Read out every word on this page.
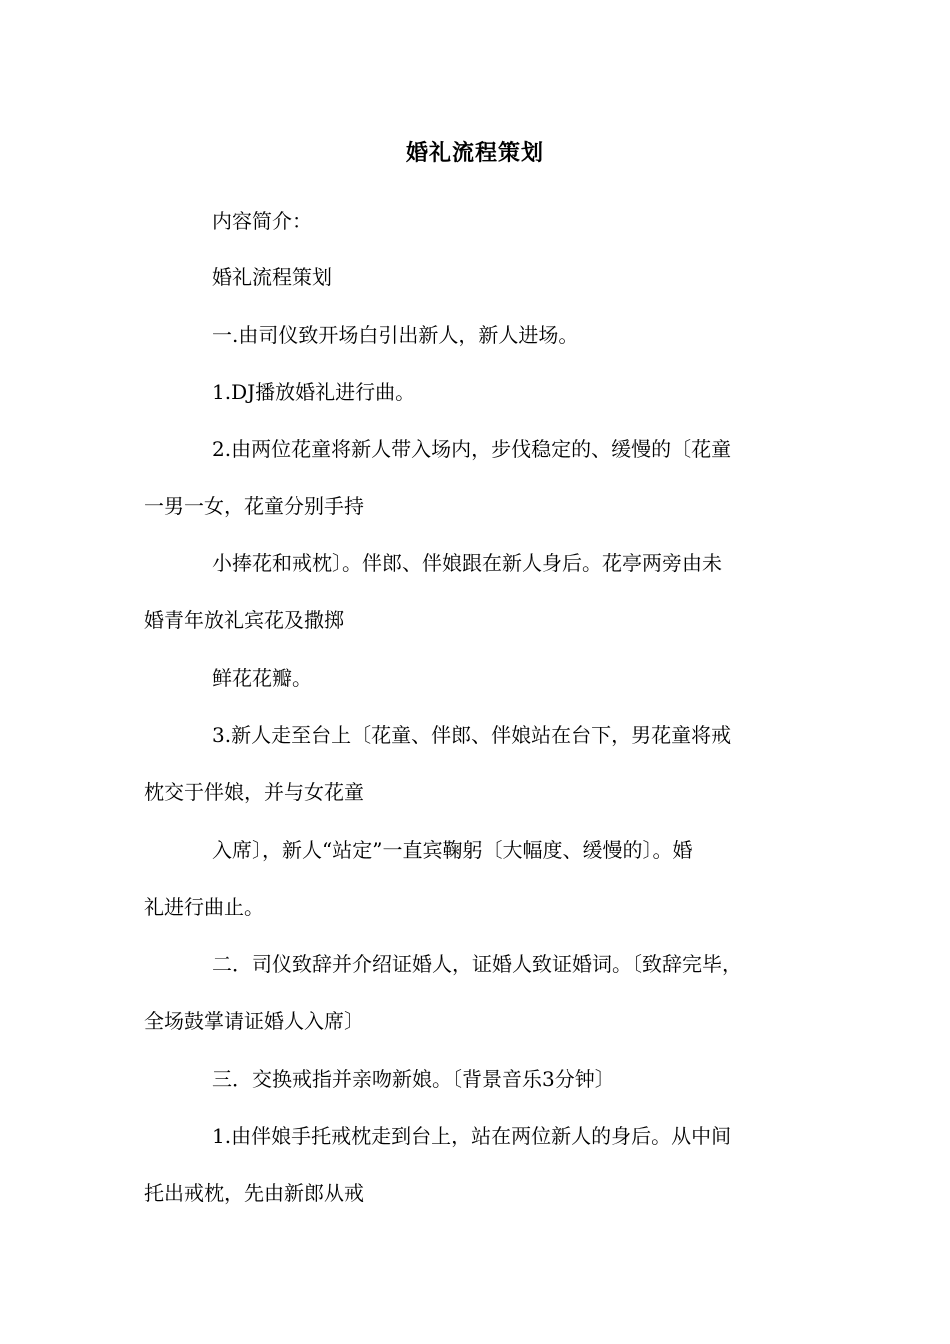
婚礼流程策划
内容简介：
婚礼流程策划
一.由司仪致开场白引出新人，新人进场。
1.DJ播放婚礼进行曲。
2.由两位花童将新人带入场内，步伐稳定的、缓慢的〔花童
一男一女，花童分别手持
小捧花和戒枕〕。伴郎、伴娘跟在新人身后。花亭两旁由未
婚青年放礼宾花及撒掷
鲜花花瓣。
3.新人走至台上〔花童、伴郎、伴娘站在台下，男花童将戒
枕交于伴娘，并与女花童
入席〕，新人“站定”一直宾鞠躬〔大幅度、缓慢的〕。婚
礼进行曲止。
二．司仪致辞并介绍证婚人，证婚人致证婚词。〔致辞完毕，
全场鼓掌请证婚人入席〕
三．交换戒指并亲吻新娘。〔背景音乐3分钟〕
1.由伴娘手托戒枕走到台上，站在两位新人的身后。从中间
托出戒枕，先由新郎从戒
